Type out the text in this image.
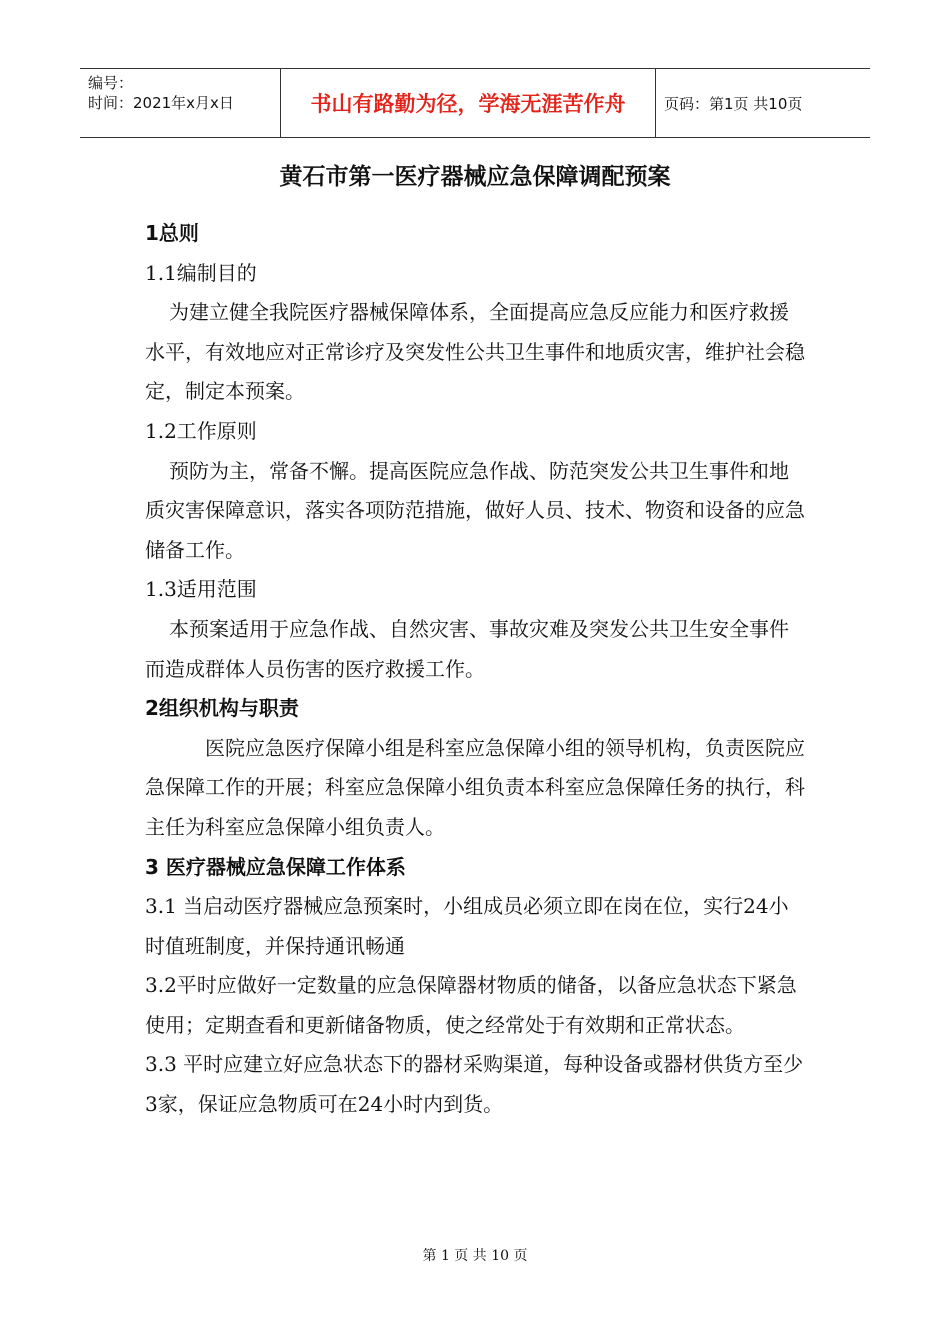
编号：
时间：2021年x月x日	书山有路勤为径，学海无涯苦作舟	页码：第1页 共10页
黄石市第一医疗器械应急保障调配预案

1总则

1.1编制目的

为建立健全我院医疗器械保障体系，全面提高应急反应能力和医疗救援水平，有效地应对正常诊疗及突发性公共卫生事件和地质灾害，维护社会稳定，制定本预案。

1.2工作原则

预防为主，常备不懈。提高医院应急作战、防范突发公共卫生事件和地质灾害保障意识，落实各项防范措施，做好人员、技术、物资和设备的应急储备工作。

1.3适用范围

本预案适用于应急作战、自然灾害、事故灾难及突发公共卫生安全事件而造成群体人员伤害的医疗救援工作。

2组织机构与职责

医院应急医疗保障小组是科室应急保障小组的领导机构，负责医院应急保障工作的开展；科室应急保障小组负责本科室应急保障任务的执行，科主任为科室应急保障小组负责人。

3 医疗器械应急保障工作体系

3.1 当启动医疗器械应急预案时，小组成员必须立即在岗在位，实行24小时值班制度，并保持通讯畅通

3.2平时应做好一定数量的应急保障器材物质的储备，以备应急状态下紧急使用；定期查看和更新储备物质，使之经常处于有效期和正常状态。

3.3 平时应建立好应急状态下的器材采购渠道，每种设备或器材供货方至少3家，保证应急物质可在24小时内到货。

第 1 页 共 10 页
